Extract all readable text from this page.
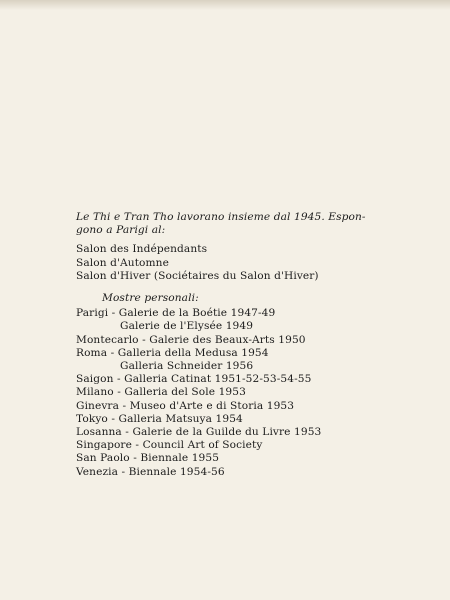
Le Thi e Tran Tho lavorano insieme dal 1945. Espon-
gono a Parigi al:

Salon des Indépendants
Salon d'Automne
Salon d'Hiver (Sociétaires du Salon d'Hiver)
Mostre personali:
Parigi - Galerie de la Boétie 1947-49
Galerie de l'Elysée 1949
Montecarlo - Galerie des Beaux-Arts 1950
Roma - Galleria della Medusa 1954
Galleria Schneider 1956
Saigon - Galleria Catinat 1951-52-53-54-55
Milano - Galleria del Sole 1953
Ginevra - Museo d'Arte e di Storia 1953
Tokyo - Galleria Matsuya 1954
Losanna - Galerie de la Guilde du Livre 1953
Singapore - Council Art of Society
San Paolo - Biennale 1955
Venezia - Biennale 1954-56
